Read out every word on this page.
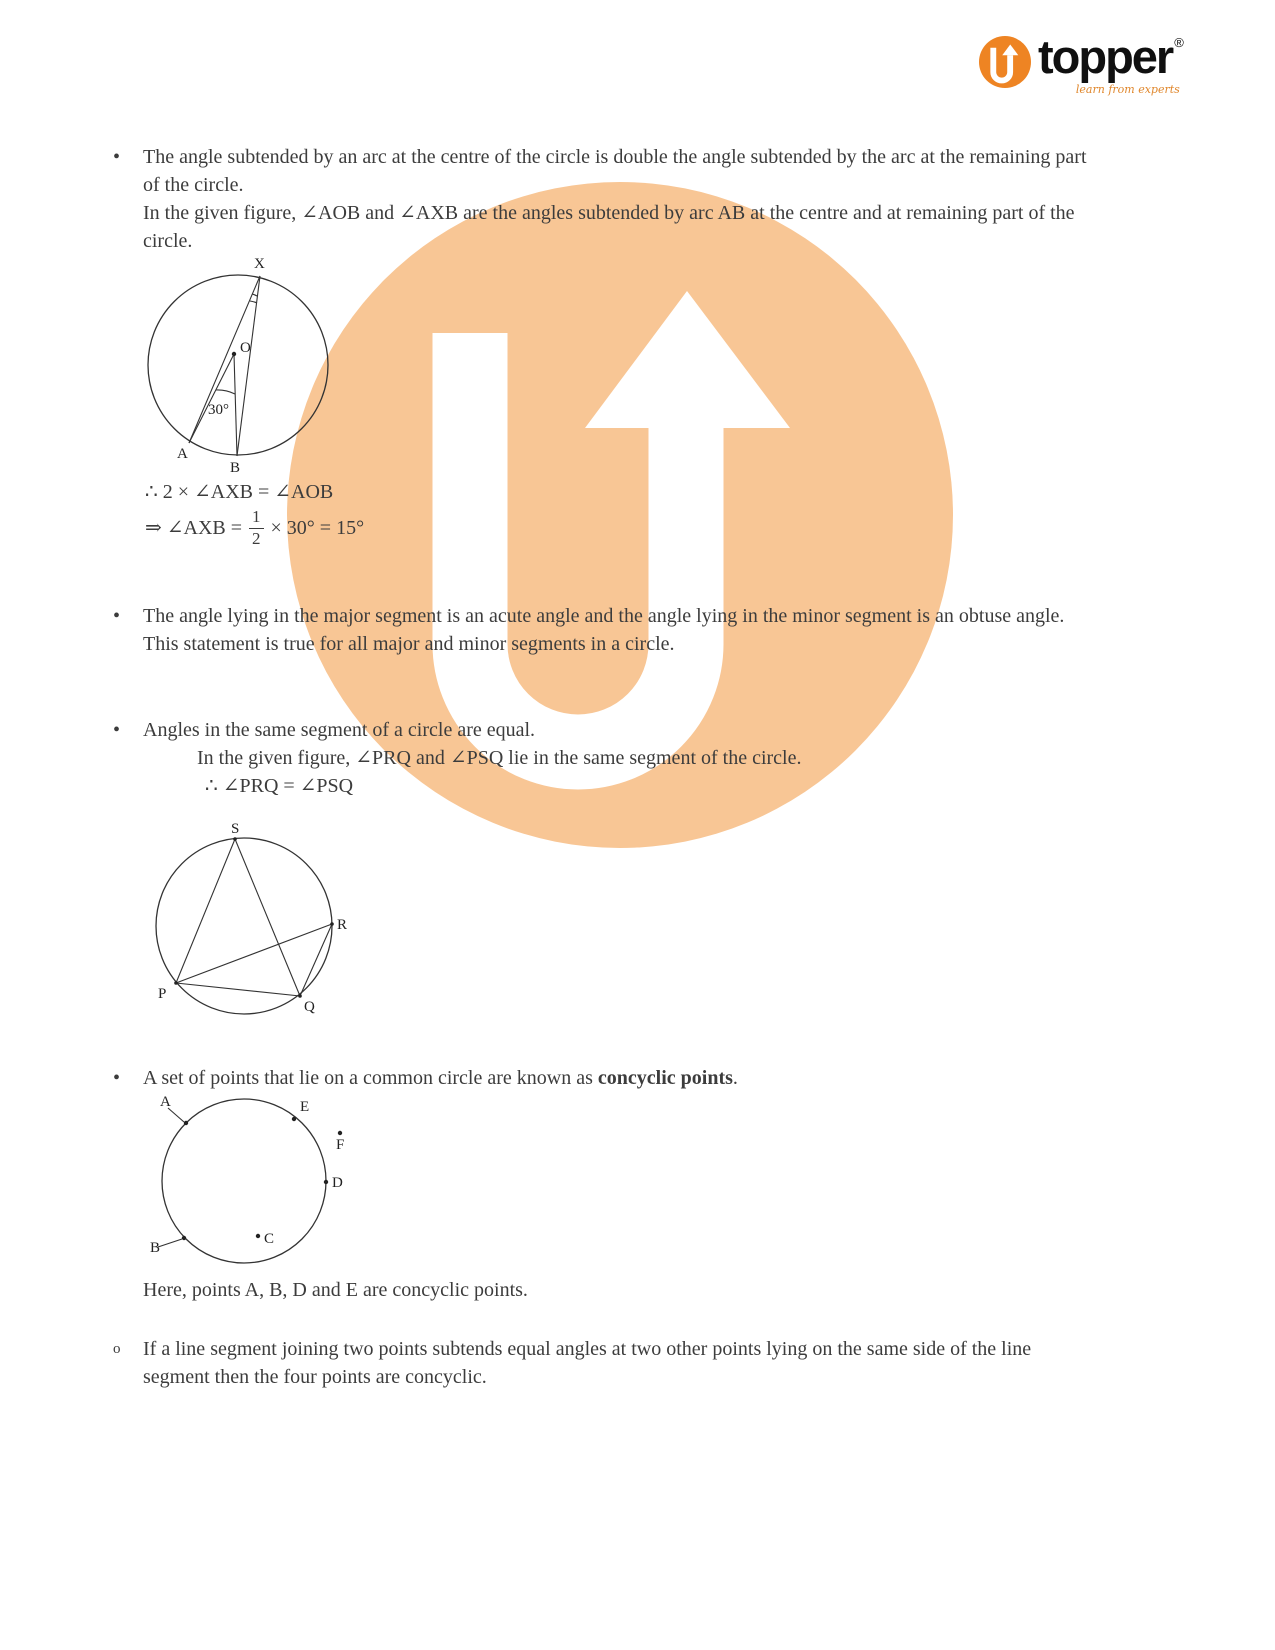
topper ®
learn from experts
•	The angle subtended by an arc at the centre of the circle is double the angle subtended by the arc at the remaining part of the circle.
In the given figure, ∠AOB and ∠AXB are the angles subtended by arc AB at the centre and at remaining part of the circle.
X
O
A
B
30°
∴ 2 × ∠AXB = ∠AOB
⇒ ∠AXB = $\frac{1}{2} \times 30^\circ = 15^\circ$
•	The angle lying in the major segment is an acute angle and the angle lying in the minor segment is an obtuse angle. This statement is true for all major and minor segments in a circle.
•	Angles in the same segment of a circle are equal.
In the given figure, ∠PRQ and ∠PSQ lie in the same segment of the circle.
∴ ∠PRQ = ∠PSQ
S
R
P
Q
•	A set of points that lie on a common circle are known as concyclic points.
A	E
F
D
C
B
Here, points A, B, D and E are concyclic points.
o	If a line segment joining two points subtends equal angles at two other points lying on the same side of the line segment then the four points are concyclic.
